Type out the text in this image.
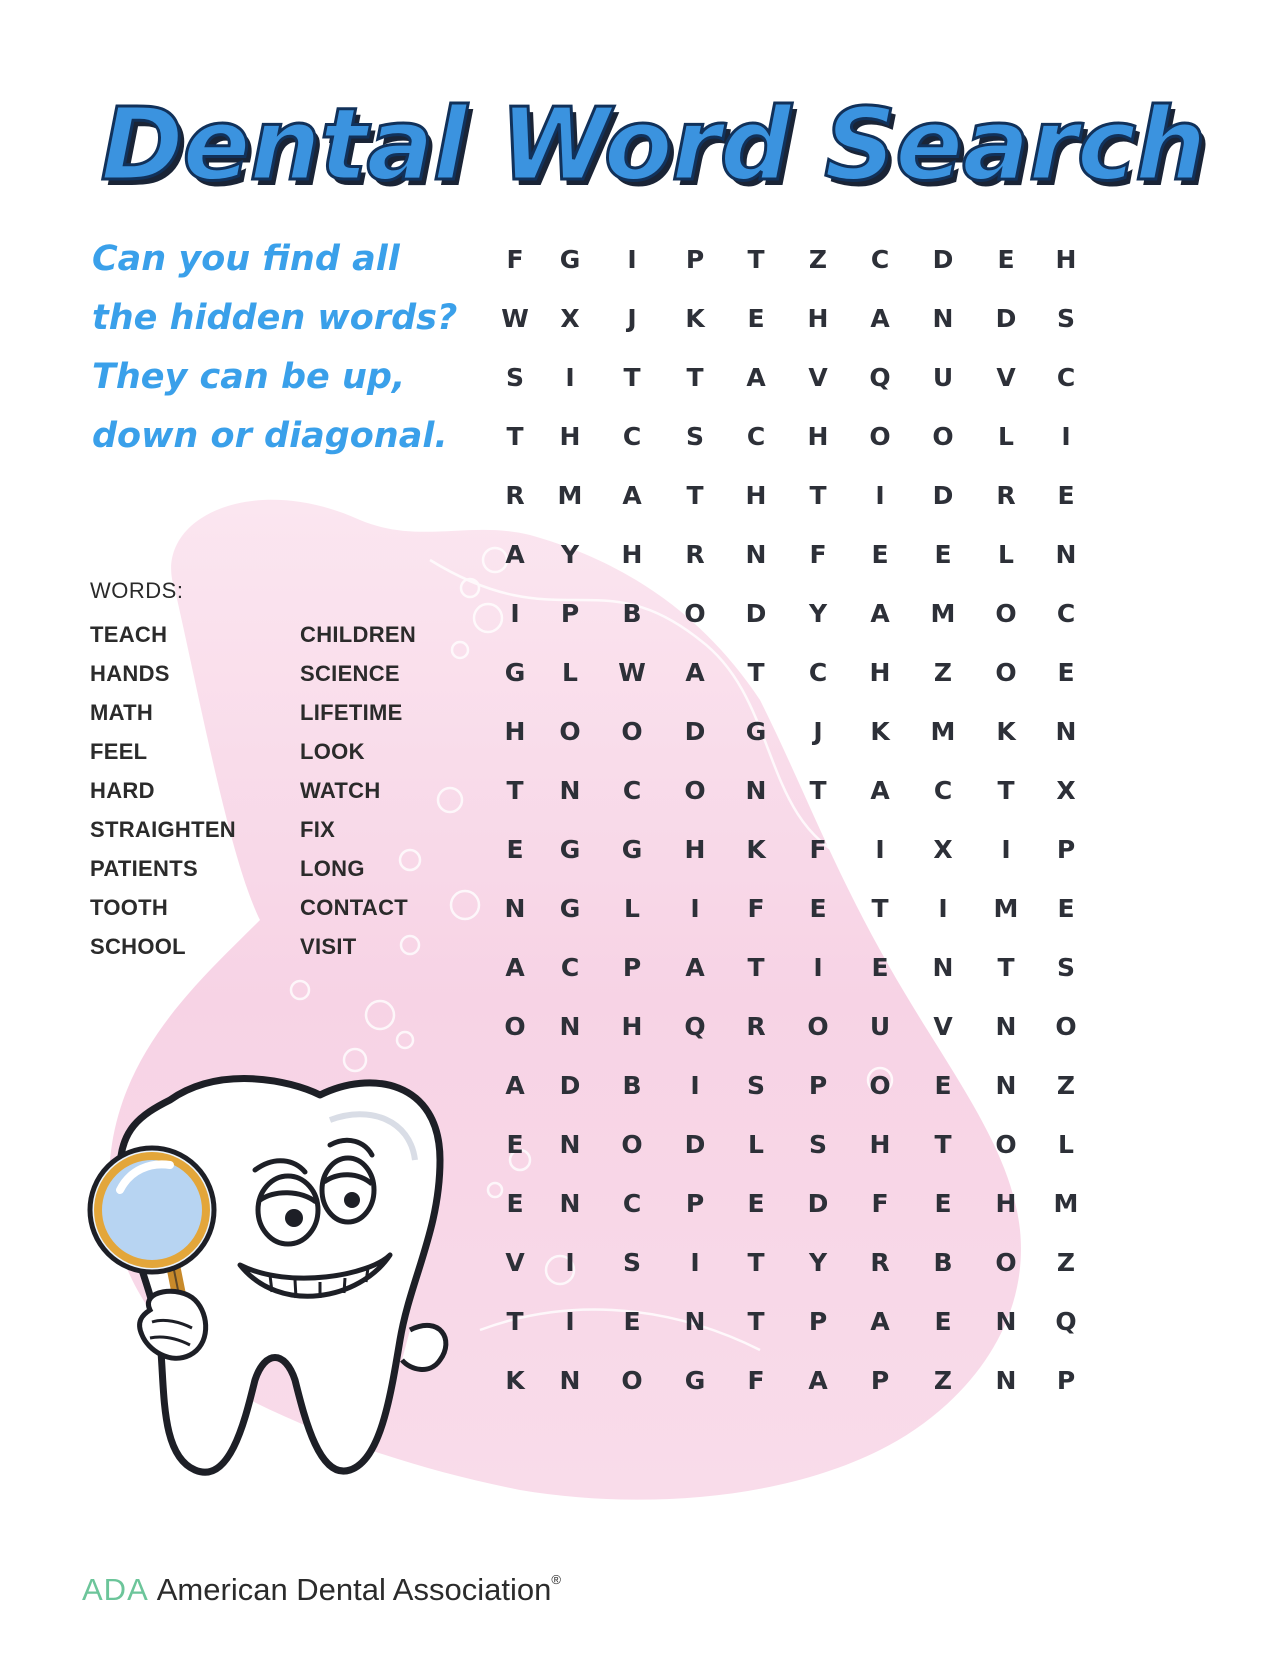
Dental Word Search
Can you find all
the hidden words?
They can be up,
down or diagonal.
WORDS:
TEACH
HANDS
MATH
FEEL
HARD
STRAIGHTEN
PATIENTS
TOOTH
SCHOOL
CHILDREN
SCIENCE
LIFETIME
LOOK
WATCH
FIX
LONG
CONTACT
VISIT
F	G	I	P	T	Z	C	D	E	H
W	X	J	K	E	H	A	N	D	S
S	I	T	T	A	V	Q	U	V	C
T	H	C	S	C	H	O	O	L	I
R	M	A	T	H	T	I	D	R	E
A	Y	H	R	N	F	E	E	L	N
I	P	B	O	D	Y	A	M	O	C
G	L	W	A	T	C	H	Z	O	E
H	O	O	D	G	J	K	M	K	N
T	N	C	O	N	T	A	C	T	X
E	G	G	H	K	F	I	X	I	P
N	G	L	I	F	E	T	I	M	E
A	C	P	A	T	I	E	N	T	S
O	N	H	Q	R	O	U	V	N	O
A	D	B	I	S	P	O	E	N	Z
E	N	O	D	L	S	H	T	O	L
E	N	C	P	E	D	F	E	H	M
V	I	S	I	T	Y	R	B	O	Z
T	I	E	N	T	P	A	E	N	Q
K	N	O	G	F	A	P	Z	N	P
ADA American Dental Association®
